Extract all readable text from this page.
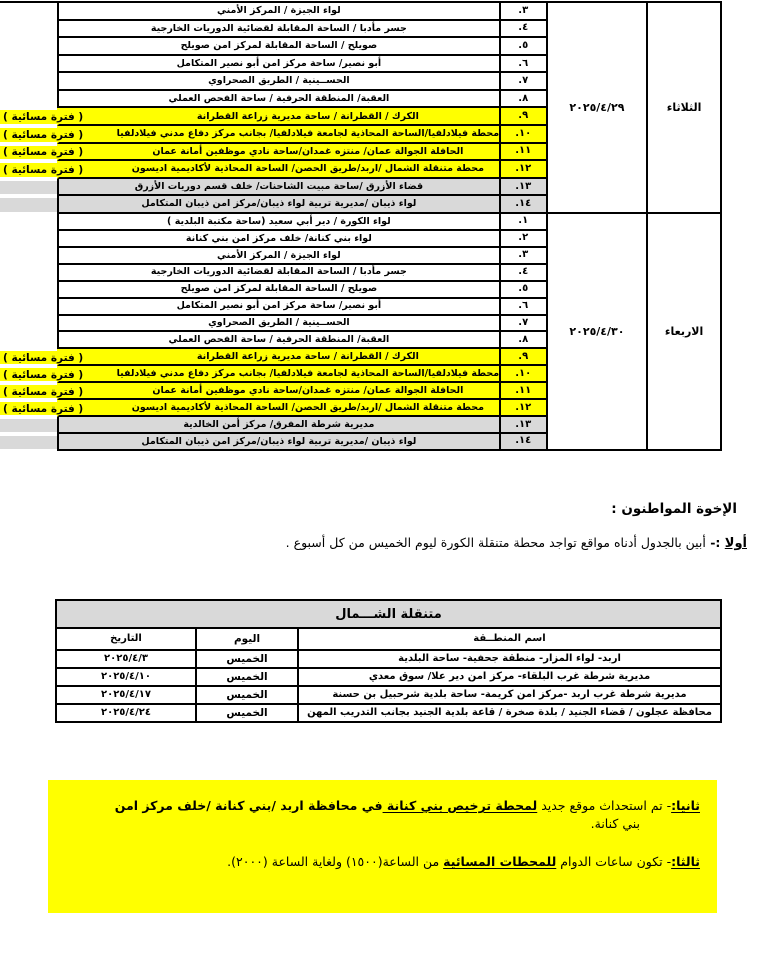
لواء الجيزة / المركز الأمني	.٣
جسر مأدبا / الساحة المقابلة لقضائية الدوريات الخارجية	.٤
صويلح / الساحة المقابلة لمركز امن صويلح	.٥
أبو نصير/ ساحة مركز امن أبو نصير المتكامل	.٦
الحســينية / الطريق الصحراوي	.٧
العقبة/ المنطقة الحرفية / ساحة الفحص العملي	.٨
( فترة مسائية )	الكرك / القطرانة / ساحة مديرية زراعة القطرانة	.٩
( فترة مسائية )	محطة فيلادلفيا/الساحة المحاذية لجامعة فيلادلفيا/ بجانب مركز دفاع مدني فيلادلفيا	.١٠
( فترة مسائية )	الحافلة الجوالة عمان/ منتزه غمدان/ساحة نادي موظفين أمانة عمان	.١١
( فترة مسائية )	محطة متنقلة الشمال /اربد/طريق الحصن/ الساحة المحاذية لأكاديمية اديسون	.١٢
قضاء الأزرق /ساحة مبيت الشاحنات/ خلف قسم دوريات الأزرق	.١٣
لواء ذيبان /مديرية تربية لواء ذيبان/مركز امن ذيبان المتكامل	.١٤
٢٠٢٥/٤/٢٩	الثلاثاء
لواء الكورة / دير أبي سعيد (ساحة مكتبة البلدية )	.١
لواء بني كنانة/ خلف مركز امن بني كنانة	.٢
لواء الجيزة / المركز الأمني	.٣
جسر مأدبا / الساحة المقابلة لقضائية الدوريات الخارجية	.٤
صويلح / الساحة المقابلة لمركز امن صويلح	.٥
أبو نصير/ ساحة مركز امن أبو نصير المتكامل	.٦
الحســينية / الطريق الصحراوي	.٧
العقبة/ المنطقة الحرفية / ساحة الفحص العملي	.٨
( فترة مسائية )	الكرك / القطرانة / ساحة مديرية زراعة القطرانة	.٩
( فترة مسائية )	محطة فيلادلفيا/الساحة المحاذية لجامعة فيلادلفيا/ بجانب مركز دفاع مدني فيلادلفيا	.١٠
( فترة مسائية )	الحافلة الجوالة عمان/ منتزه غمدان/ساحة نادي موظفين أمانة عمان	.١١
( فترة مسائية )	محطة متنقلة الشمال /اربد/طريق الحصن/ الساحة المحاذية لأكاديمية اديسون	.١٢
مديرية شرطة المفرق/ مركز أمن الخالدية	.١٣
لواء ذيبان /مديرية تربية لواء ذيبان/مركز امن ذيبان المتكامل	.١٤
٢٠٢٥/٤/٣٠	الاربعاء
الإخوة المواطنون :
أولا :- أبين بالجدول أدناه مواقع تواجد محطة متنقلة الكورة ليوم الخميس من كل أسبوع .
متنقلة الشـــمال
اسم المنطــقة
اليوم
التاريخ
اربد- لواء المزار- منطقة جحفية- ساحة البلدية
الخميس
٢٠٢٥/٤/٣
مديرية شرطة غرب البلقاء- مركز امن دير علا/ سوق معدي
الخميس
٢٠٢٥/٤/١٠
مديرية شرطة غرب اربد -مركز امن كريمة- ساحة بلدية شرحبيل بن حسنة
الخميس
٢٠٢٥/٤/١٧
محافظة عجلون / قضاء الجنيد / بلدة صخرة / قاعة بلدية الجنيد بجانب التدريب المهن
الخميس
٢٠٢٥/٤/٢٤
ثانيا:- تم استحداث موقع جديد لمحطة ترخيص بني كنانة في محافظة اربد /بني كنانة /خلف مركز امن
بني كنانة.
ثالثا:- تكون ساعات الدوام للمحطات المسائية من الساعة(١٥٠٠) ولغاية الساعة (٢٠٠٠).
